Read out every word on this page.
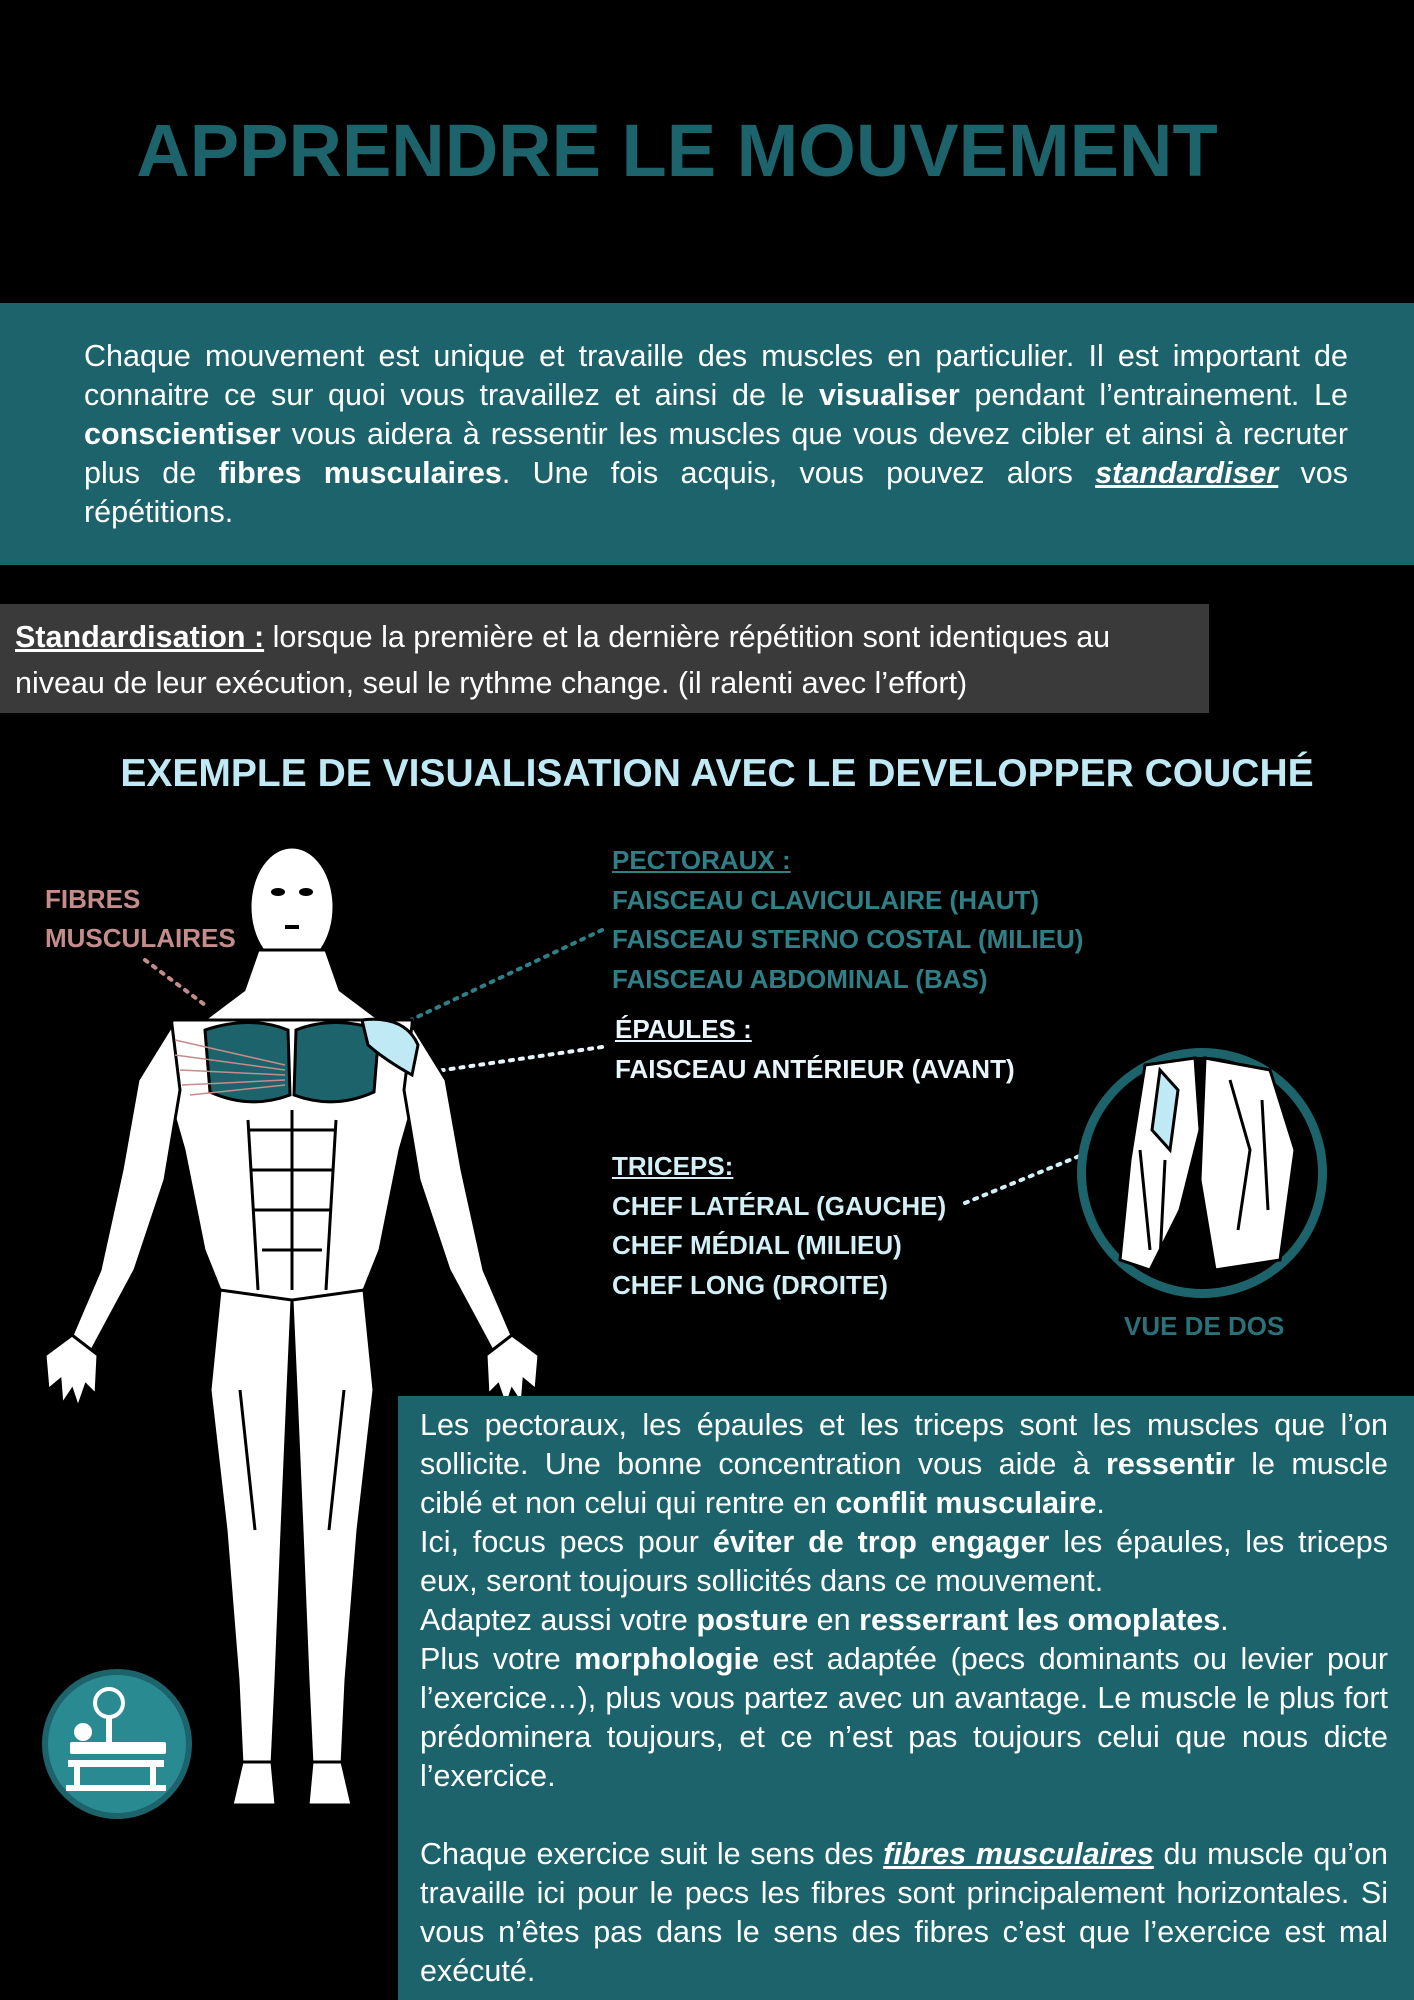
APPRENDRE LE MOUVEMENT

Chaque mouvement est unique et travaille des muscles en particulier. Il est important de connaitre ce sur quoi vous travaillez et ainsi de le visualiser pendant l’entrainement. Le conscientiser vous aidera à ressentir les muscles que vous devez cibler et ainsi à recruter plus de fibres musculaires. Une fois acquis, vous pouvez alors standardiser vos répétitions.

Standardisation : lorsque la première et la dernière répétition sont identiques au niveau de leur exécution, seul le rythme change. (il ralenti avec l’effort)

EXEMPLE DE VISUALISATION AVEC LE DEVELOPPER COUCHÉ
FIBRES
MUSCULAIRES
PECTORAUX :
FAISCEAU CLAVICULAIRE (HAUT)
FAISCEAU STERNO COSTAL (MILIEU)
FAISCEAU ABDOMINAL (BAS)
ÉPAULES :
FAISCEAU ANTÉRIEUR (AVANT)
TRICEPS:
CHEF LATÉRAL (GAUCHE)
CHEF MÉDIAL (MILIEU)
CHEF LONG (DROITE)
VUE DE DOS

Les pectoraux, les épaules et les triceps sont les muscles que l’on sollicite. Une bonne concentration vous aide à ressentir le muscle ciblé et non celui qui rentre en conflit musculaire.

Ici, focus pecs pour éviter de trop engager les épaules, les triceps eux, seront toujours sollicités dans ce mouvement.

Adaptez aussi votre posture en resserrant les omoplates.

Plus votre morphologie est adaptée (pecs dominants ou levier pour l’exercice…), plus vous partez avec un avantage. Le muscle le plus fort prédominera toujours, et ce n’est pas toujours celui que nous dicte l’exercice.

Chaque exercice suit le sens des fibres musculaires du muscle qu’on travaille ici pour le pecs les fibres sont principalement horizontales. Si vous n’êtes pas dans le sens des fibres c’est que l’exercice est mal exécuté.
